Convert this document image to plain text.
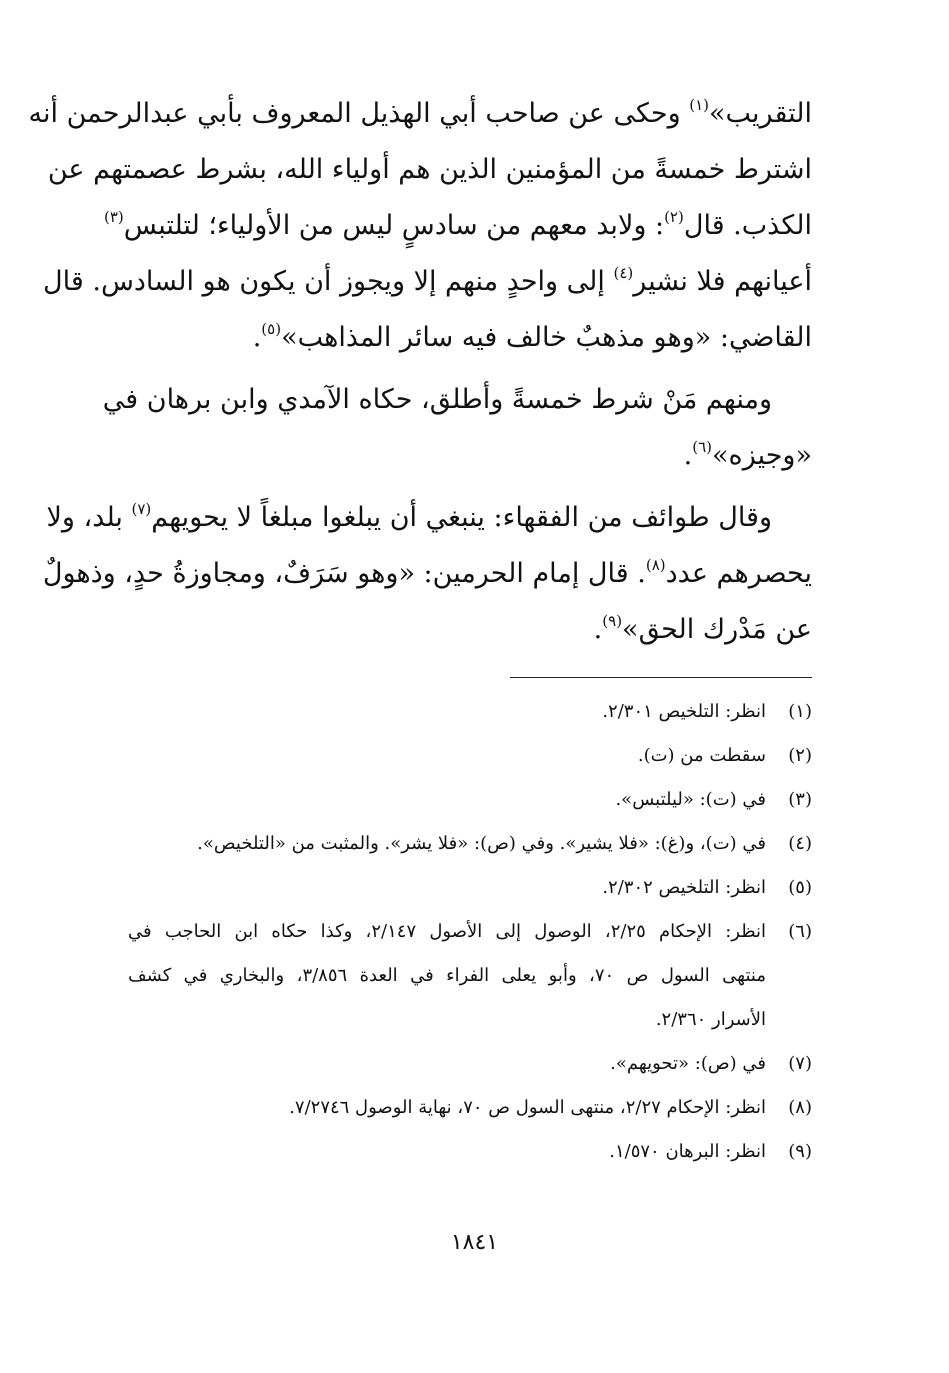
التقريب»$^{(١)}$ وحكى عن صاحب أبي الهذيل المعروف بأبي عبدالرحمن أنه
اشترط خمسةً من المؤمنين الذين هم أولياء الله، بشرط عصمتهم عن
الكذب. قال$^{(٢)}$: ولابد معهم من سادسٍ ليس من الأولياء؛ لتلتبس$^{(٣)}$
أعيانهم فلا نشير$^{(٤)}$ إلى واحدٍ منهم إلا ويجوز أن يكون هو السادس. قال
القاضي: «وهو مذهبٌ خالف فيه سائر المذاهب»$^{(٥)}$.
ومنهم مَنْ شرط خمسةً وأطلق، حكاه الآمدي وابن برهان في
«وجيزه»$^{(٦)}$.
وقال طوائف من الفقهاء: ينبغي أن يبلغوا مبلغاً لا يحويهم$^{(٧)}$ بلد، ولا
يحصرهم عدد$^{(٨)}$. قال إمام الحرمين: «وهو سَرَفٌ، ومجاوزةُ حدٍ، وذهولٌ
عن مَدْرك الحق»$^{(٩)}$.
(١)
انظر: التلخيص ٢/٣٠١.
(٢)
سقطت من (ت).
(٣)
في (ت): «ليلتبس».
(٤)
في (ت)، و(غ): «فلا يشير». وفي (ص): «فلا يشر». والمثبت من «التلخيص».
(٥)
انظر: التلخيص ٢/٣٠٢.
(٦)
انظر: الإحكام ٢/٢٥، الوصول إلى الأصول ٢/١٤٧، وكذا حكاه ابن الحاجب في
منتهى السول ص ٧٠، وأبو يعلى الفراء في العدة ٣/٨٥٦، والبخاري في كشف
الأسرار ٢/٣٦٠.
(٧)
في (ص): «تحويهم».
(٨)
انظر: الإحكام ٢/٢٧، منتهى السول ص ٧٠، نهاية الوصول ٧/٢٧٤٦.
(٩)
انظر: البرهان ١/٥٧٠.
١٨٤١
